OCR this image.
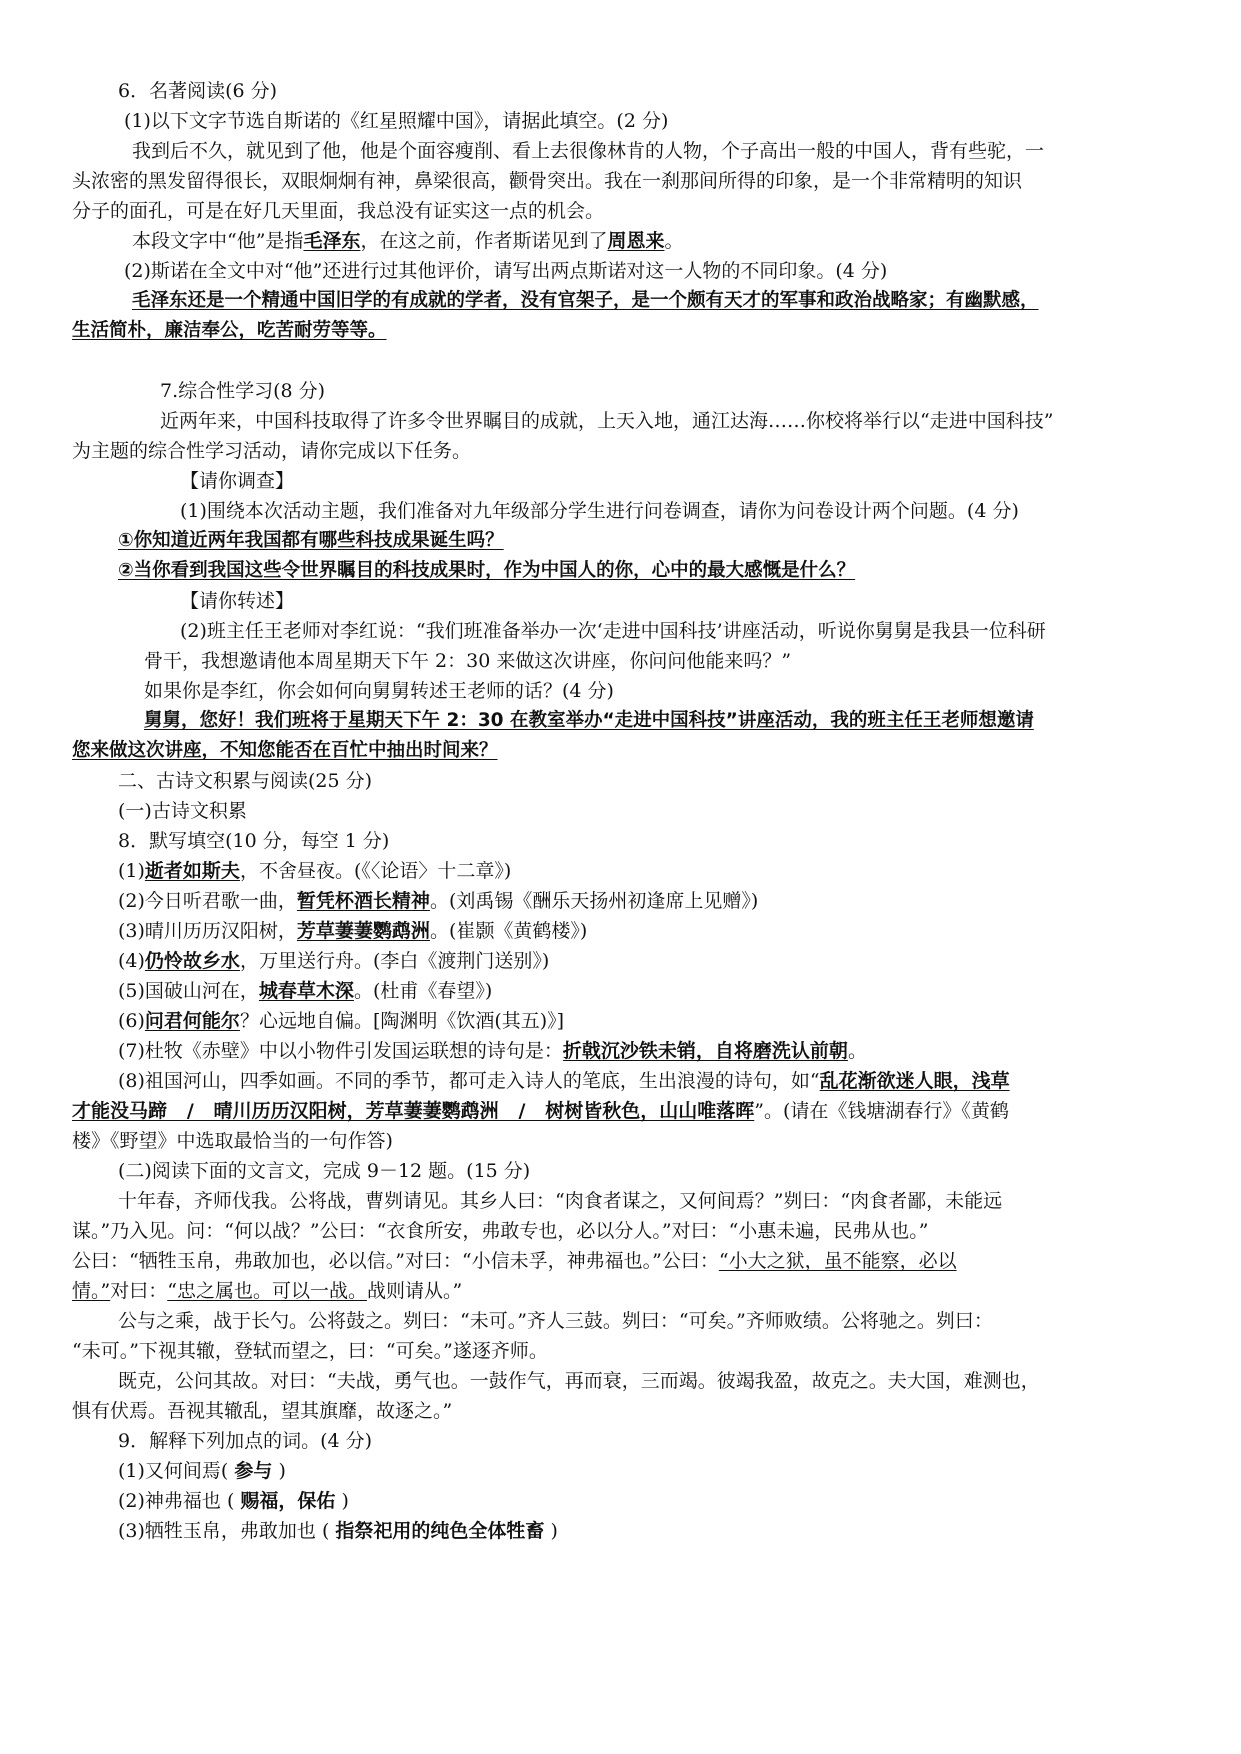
6．名著阅读(6 分)
(1)以下文字节选自斯诺的《红星照耀中国》，请据此填空。(2 分)
我到后不久，就见到了他，他是个面容瘦削、看上去很像林肯的人物，个子高出一般的中国人，背有些驼，一
头浓密的黑发留得很长，双眼炯炯有神，鼻梁很高，颧骨突出。我在一刹那间所得的印象，是一个非常精明的知识
分子的面孔，可是在好几天里面，我总没有证实这一点的机会。
本段文字中“他”是指毛泽东，在这之前，作者斯诺见到了周恩来。
(2)斯诺在全文中对“他”还进行过其他评价，请写出两点斯诺对这一人物的不同印象。(4 分)
毛泽东还是一个精通中国旧学的有成就的学者，没有官架子，是一个颇有天才的军事和政治战略家；有幽默感，
生活简朴，廉洁奉公，吃苦耐劳等等。
7.综合性学习(8 分)
近两年来，中国科技取得了许多令世界瞩目的成就，上天入地，通江达海……你校将举行以“走进中国科技”
为主题的综合性学习活动，请你完成以下任务。
【请你调查】
(1)围绕本次活动主题，我们准备对九年级部分学生进行问卷调查，请你为问卷设计两个问题。(4 分)
①你知道近两年我国都有哪些科技成果诞生吗？
②当你看到我国这些令世界瞩目的科技成果时，作为中国人的你，心中的最大感慨是什么？
【请你转述】
(2)班主任王老师对李红说：“我们班准备举办一次‘走进中国科技’讲座活动，听说你舅舅是我县一位科研
骨干，我想邀请他本周星期天下午 2：30 来做这次讲座，你问问他能来吗？”
如果你是李红，你会如何向舅舅转述王老师的话？(4 分)
舅舅，您好！我们班将于星期天下午 2：30 在教室举办“走进中国科技”讲座活动，我的班主任王老师想邀请
您来做这次讲座，不知您能否在百忙中抽出时间来？
二、古诗文积累与阅读(25 分)
(一)古诗文积累
8．默写填空(10 分，每空 1 分)
(1)逝者如斯夫，不舍昼夜。(《〈论语〉十二章》)
(2)今日听君歌一曲，暂凭杯酒长精神。(刘禹锡《酬乐天扬州初逢席上见赠》)
(3)晴川历历汉阳树，芳草萋萋鹦鹉洲。(崔颢《黄鹤楼》)
(4)仍怜故乡水，万里送行舟。(李白《渡荆门送别》)
(5)国破山河在，城春草木深。(杜甫《春望》)
(6)问君何能尔？心远地自偏。[陶渊明《饮酒(其五)》]
(7)杜牧《赤壁》中以小物件引发国运联想的诗句是：折戟沉沙铁未销，自将磨洗认前朝。
(8)祖国河山，四季如画。不同的季节，都可走入诗人的笔底，生出浪漫的诗句，如“乱花渐欲迷人眼，浅草
才能没马蹄   /   晴川历历汉阳树，芳草萋萋鹦鹉洲   /   树树皆秋色，山山唯落晖”。(请在《钱塘湖春行》《黄鹤
楼》《野望》中选取最恰当的一句作答)
(二)阅读下面的文言文，完成 9－12 题。(15 分)
十年春，齐师伐我。公将战，曹刿请见。其乡人曰：“肉食者谋之，又何间焉？”刿曰：“肉食者鄙，未能远
谋。”乃入见。问：“何以战？”公曰：“衣食所安，弗敢专也，必以分人。”对曰：“小惠未遍，民弗从也。”
公曰：“牺牲玉帛，弗敢加也，必以信。”对曰：“小信未孚，神弗福也。”公曰：“小大之狱，虽不能察，必以
情。”对曰：“忠之属也。可以一战。战则请从。”
公与之乘，战于长勺。公将鼓之。刿曰：“未可。”齐人三鼓。刿曰：“可矣。”齐师败绩。公将驰之。刿曰：
“未可。”下视其辙，登轼而望之，曰：“可矣。”遂逐齐师。
既克，公问其故。对曰：“夫战，勇气也。一鼓作气，再而衰，三而竭。彼竭我盈，故克之。夫大国，难测也，
惧有伏焉。吾视其辙乱，望其旗靡，故逐之。”
9．解释下列加点的词。(4 分)
(1)又何间焉( 参与 )
(2)神弗福也 ( 赐福，保佑 )
(3)牺牲玉帛，弗敢加也 ( 指祭祀用的纯色全体牲畜 )
